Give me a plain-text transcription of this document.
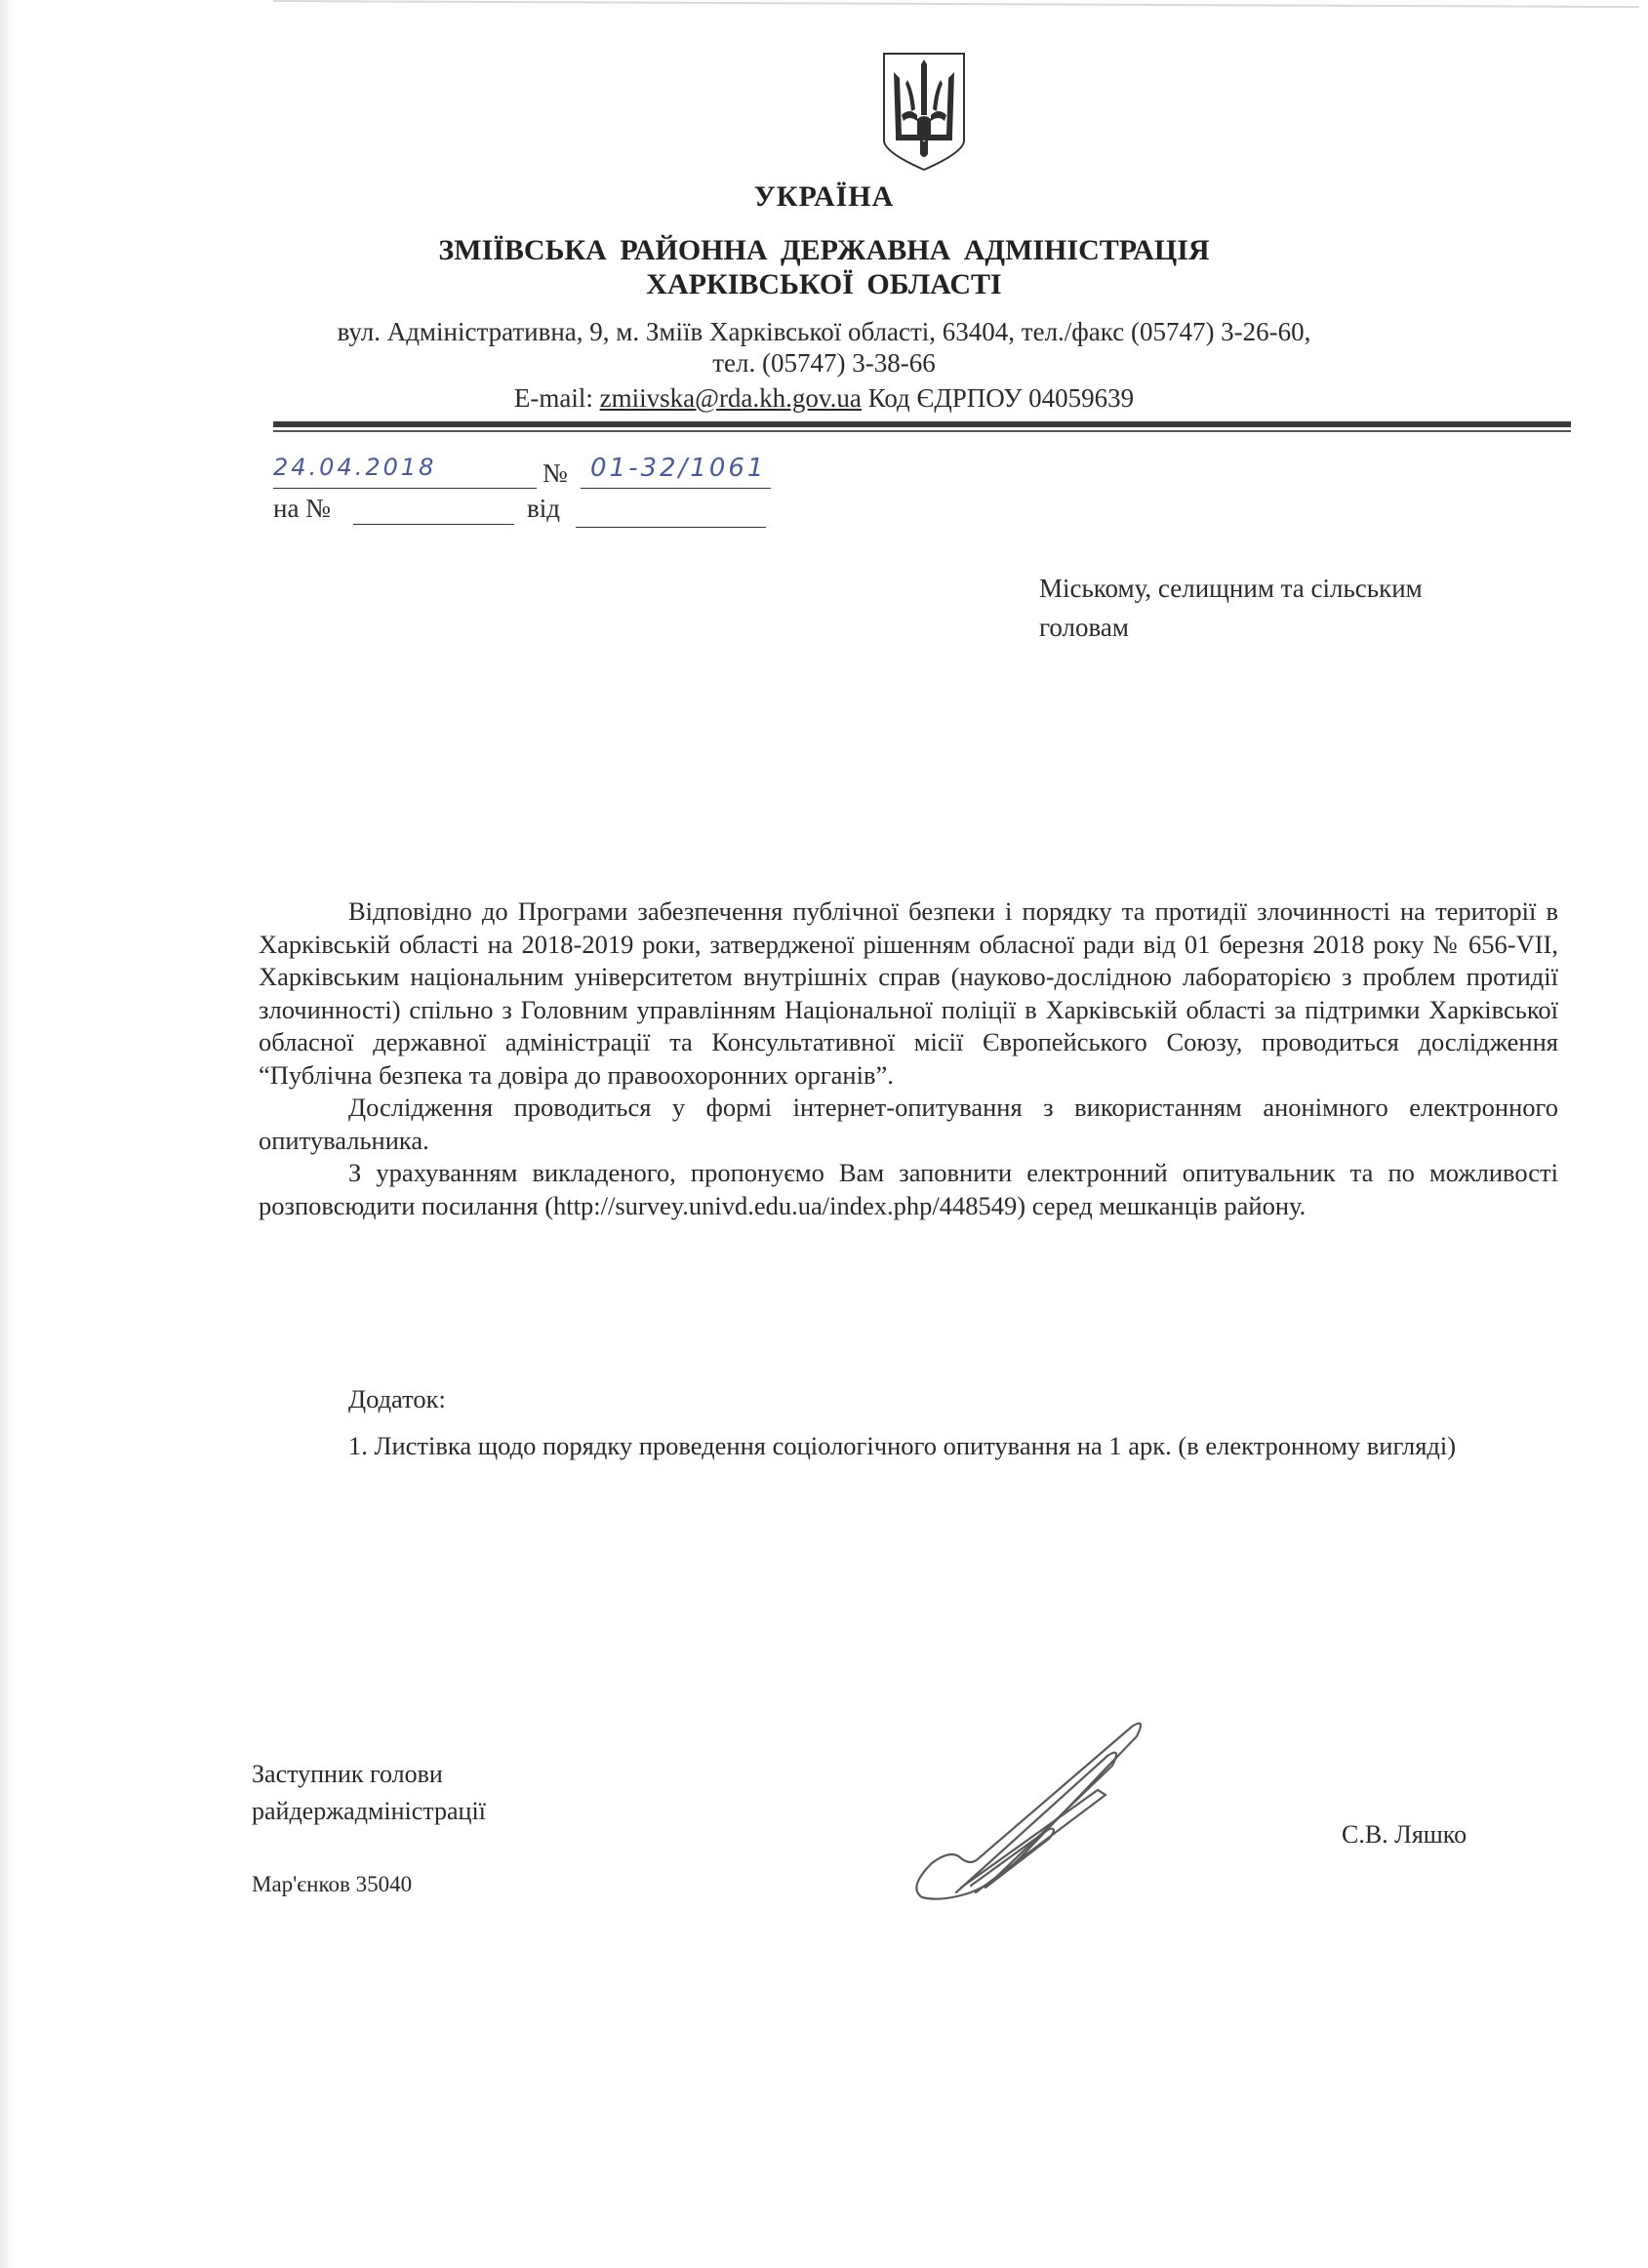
УКРАЇНА
ЗМІЇВСЬКА РАЙОННА ДЕРЖАВНА АДМІНІСТРАЦІЯ
ХАРКІВСЬКОЇ ОБЛАСТІ
вул. Адміністративна, 9, м. Зміїв Харківської області, 63404, тел./факс (05747) 3-26-60,
тел. (05747) 3-38-66
E-mail: zmiivska@rda.kh.gov.ua Код ЄДРПОУ 04059639
24.04.2018	№ 01-32/1061
на №	від
Міському, селищним та сільським
головам

Відповідно до Програми забезпечення публічної безпеки і порядку та протидії злочинності на території в Харківській області на 2018-2019 роки, затвердженої рішенням обласної ради від 01 березня 2018 року № 656-VII, Харківським національним університетом внутрішніх справ (науково-дослідною лабораторією з проблем протидії злочинності) спільно з Головним управлінням Національної поліції в Харківській області за підтримки Харківської обласної державної адміністрації та Консультативної місії Європейського Союзу, проводиться дослідження “Публічна безпека та довіра до правоохоронних органів”.

Дослідження проводиться у формі інтернет-опитування з використанням анонімного електронного опитувальника.

З урахуванням викладеного, пропонуємо Вам заповнити електронний опитувальник та по можливості розповсюдити посилання (http://survey.univd.edu.ua/index.php/448549) серед мешканців району.

Додаток:

1. Листівка щодо порядку проведення соціологічного опитування на 1 арк. (в електронному вигляді)

Заступник голови
райдержадміністрації
С.В. Ляшко
Мар'єнков 35040
